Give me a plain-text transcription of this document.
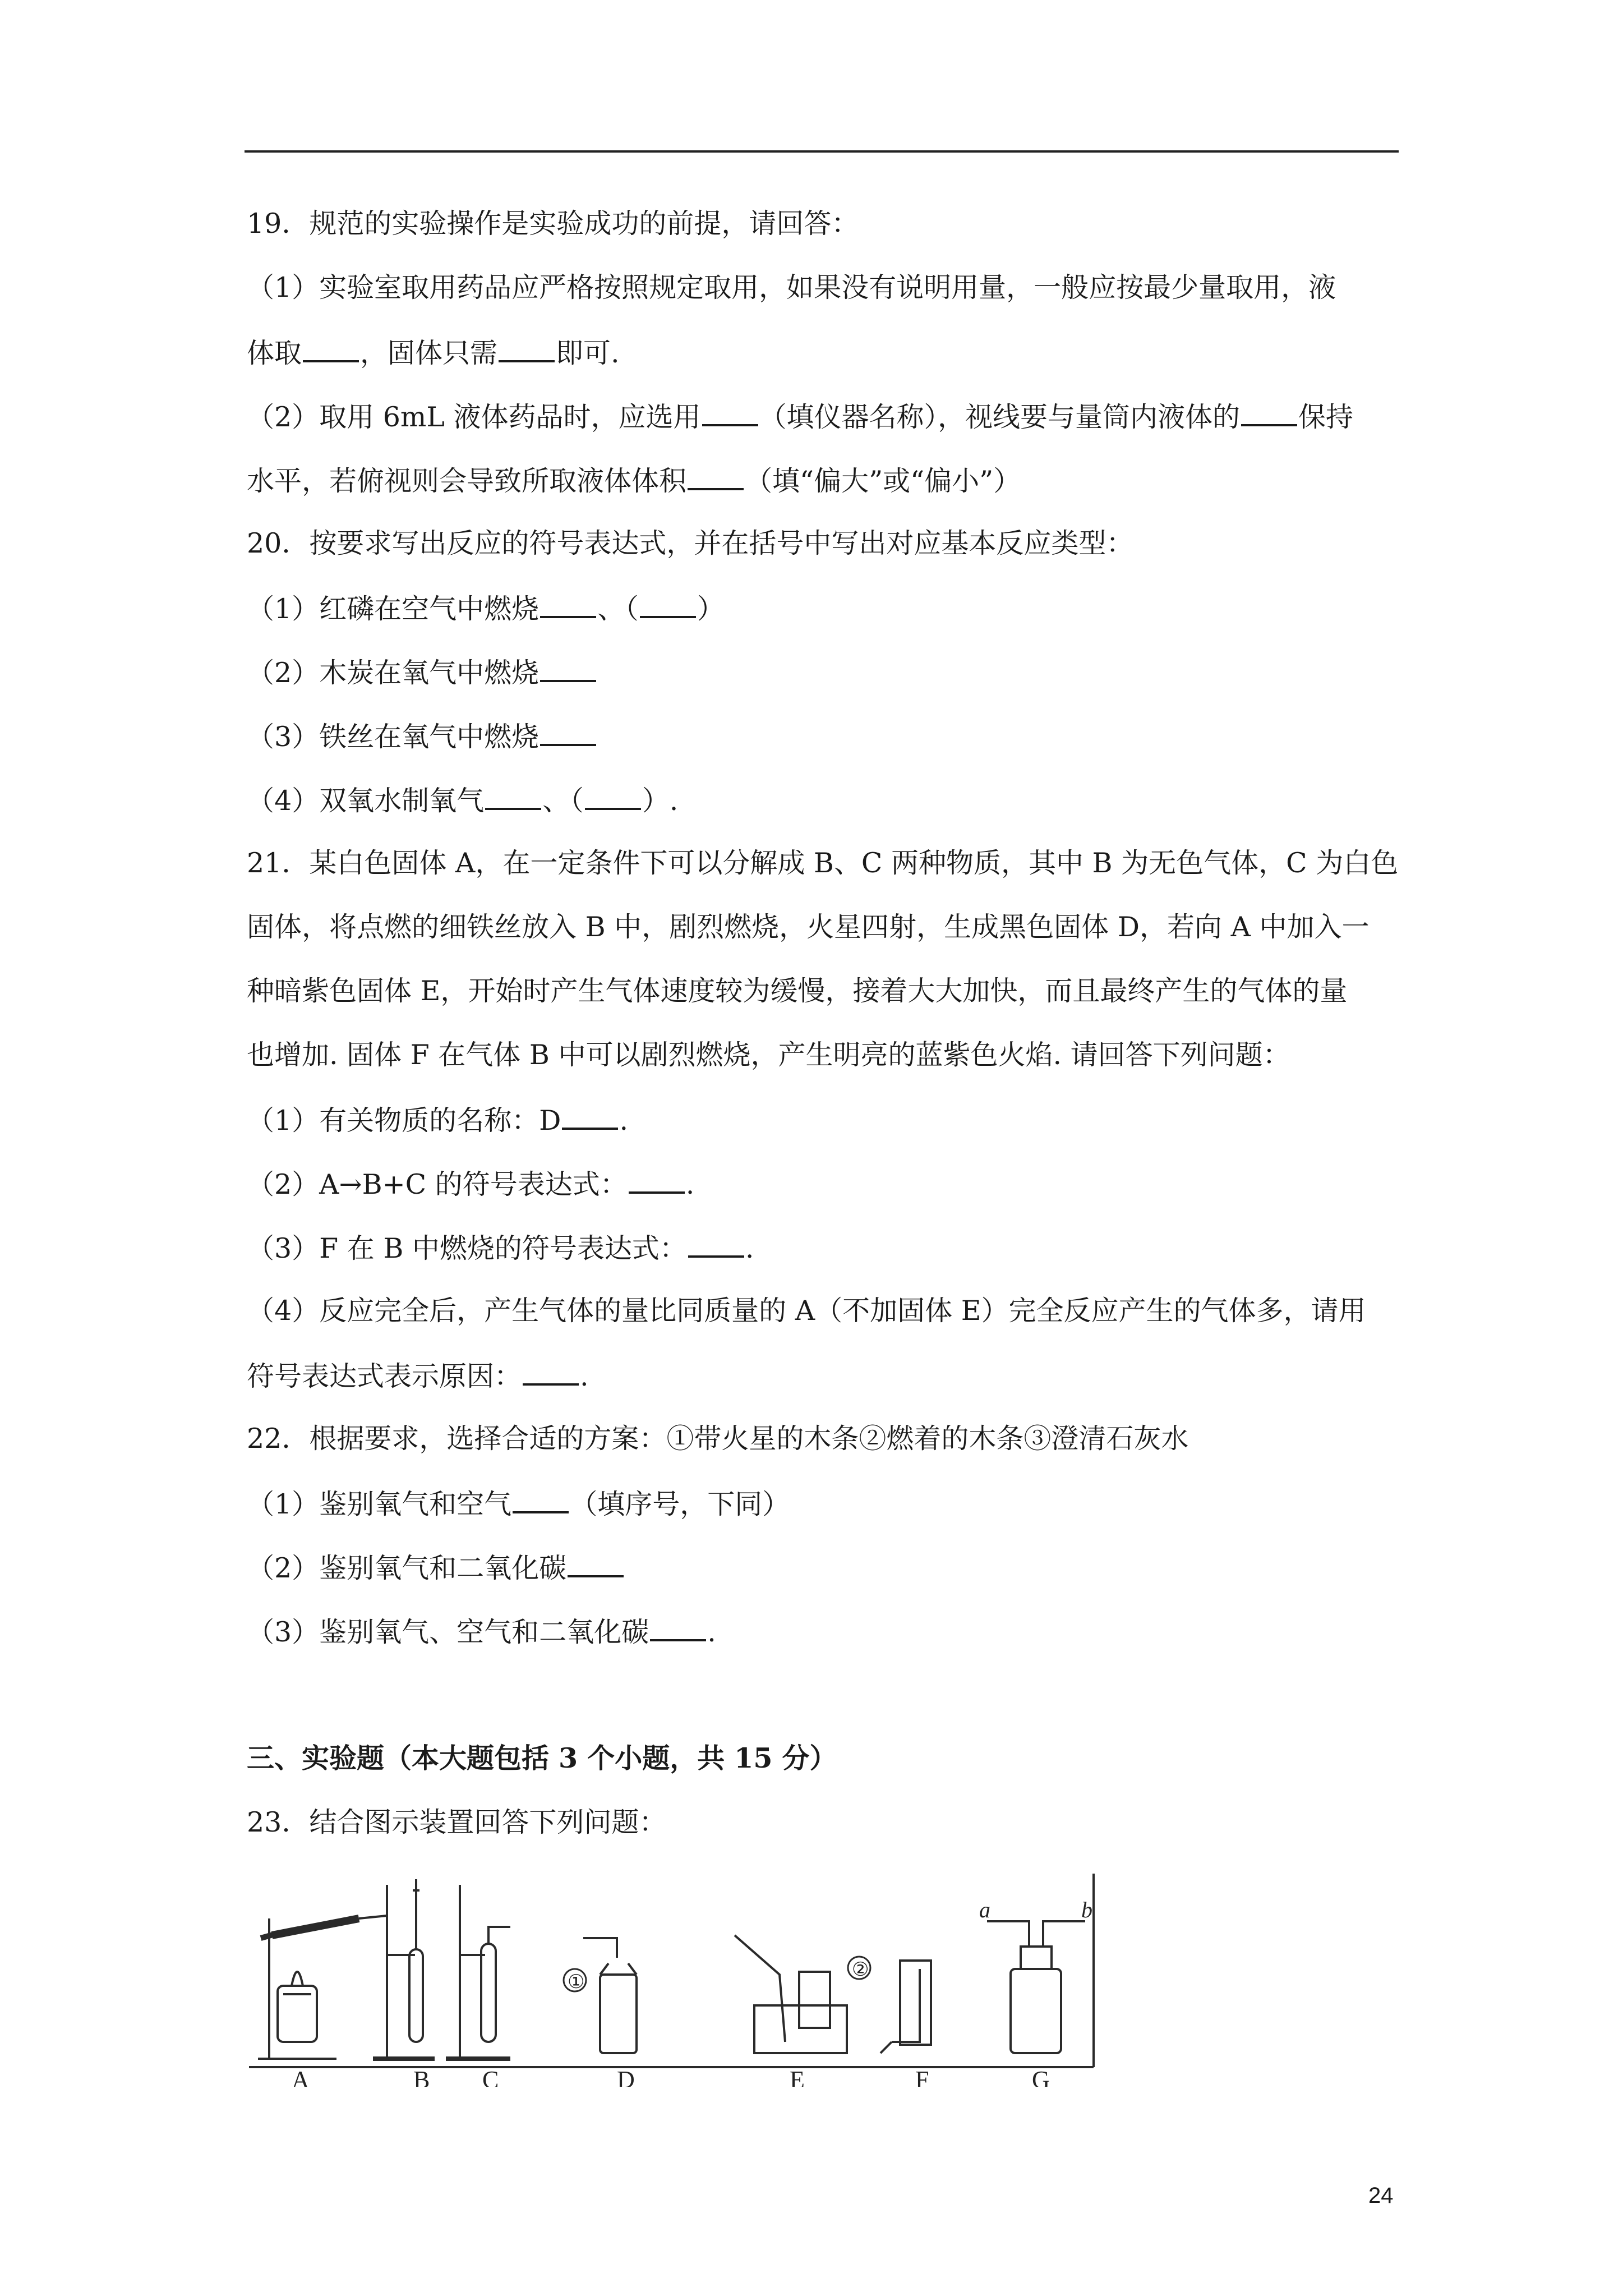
19．规范的实验操作是实验成功的前提，请回答：
（1）实验室取用药品应严格按照规定取用，如果没有说明用量，一般应按最少量取用，液
体取 ，固体只需 即可.
（2）取用 6mL 液体药品时，应选用 （填仪器名称），视线要与量筒内液体的 保持
水平，若俯视则会导致所取液体体积 （填“偏大”或“偏小”）
20．按要求写出反应的符号表达式，并在括号中写出对应基本反应类型：
（1）红磷在空气中燃烧 、（ ）
（2）木炭在氧气中燃烧
（3）铁丝在氧气中燃烧
（4）双氧水制氧气 、（ ）.
21．某白色固体 A，在一定条件下可以分解成 B、C 两种物质，其中 B 为无色气体，C 为白色
固体，将点燃的细铁丝放入 B 中，剧烈燃烧，火星四射，生成黑色固体 D，若向 A 中加入一
种暗紫色固体 E，开始时产生气体速度较为缓慢，接着大大加快，而且最终产生的气体的量
也增加. 固体 F 在气体 B 中可以剧烈燃烧，产生明亮的蓝紫色火焰. 请回答下列问题：
（1）有关物质的名称：D .
（2）A→B+C 的符号表达式： .
（3）F 在 B 中燃烧的符号表达式： .
（4）反应完全后，产生气体的量比同质量的 A（不加固体 E）完全反应产生的气体多，请用
符号表达式表示原因： .
22．根据要求，选择合适的方案：①带火星的木条②燃着的木条③澄清石灰水
（1）鉴别氧气和空气 （填序号，下同）
（2）鉴别氧气和二氧化碳
（3）鉴别氧气、空气和二氧化碳 .
三、实验题（本大题包括 3 个小题，共 15 分）
23．结合图示装置回答下列问题：
A	B C	D	E	F	G
①
②
a	b
24
